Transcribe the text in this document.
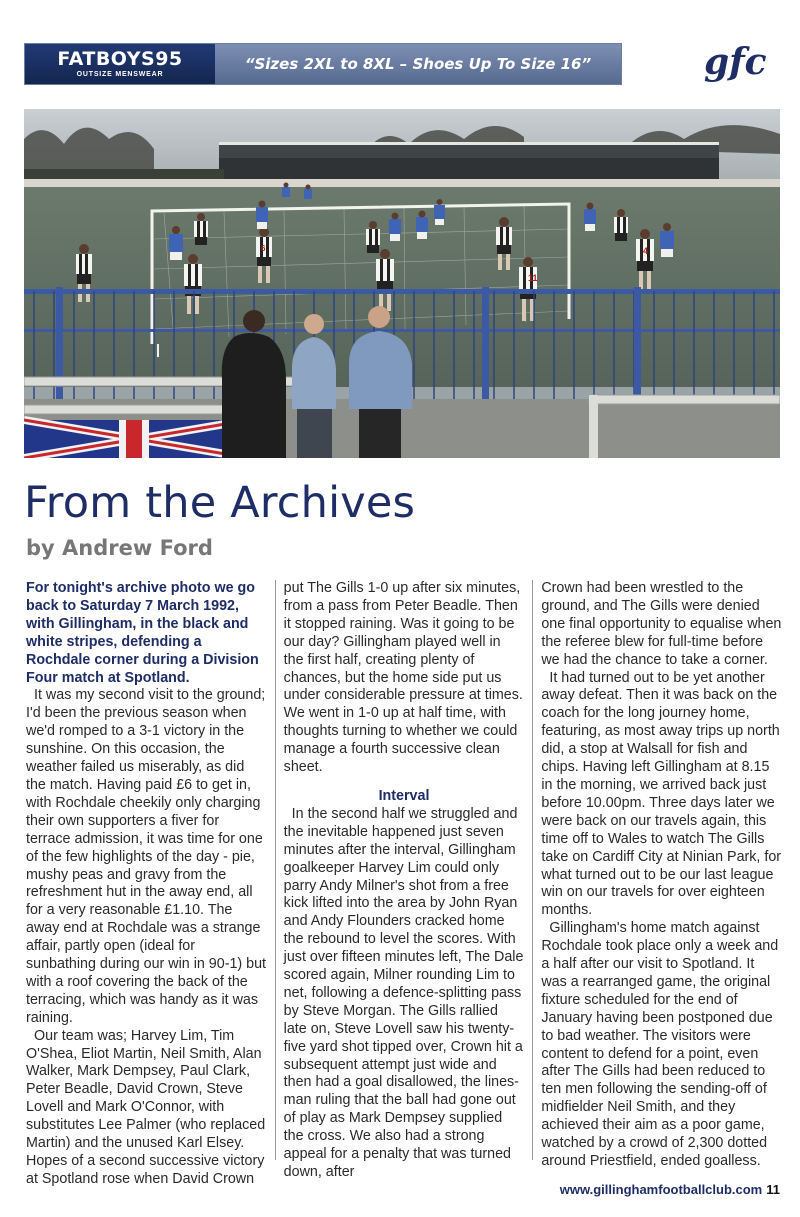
FATBOYS95
OUTSIZE MENSWEAR
“Sizes 2XL to 8XL – Shoes Up To Size 16”	gfc
11
4
6
From the Archives
by Andrew Ford

For tonight's archive photo we go back to Saturday 7 March 1992, with Gillingham, in the black and white stripes, defending a Rochdale corner during a Division Four match at Spotland.

It was my second visit to the ground; I'd been the previous season when we'd romped to a 3-1 victory in the sunshine. On this occasion, the weather failed us miserably, as did the match. Having paid £6 to get in, with Rochdale cheekily only charging their own supporters a fiver for terrace admission, it was time for one of the few highlights of the day - pie, mushy peas and gravy from the refreshment hut in the away end, all for a very reasonable £1.10. The away end at Rochdale was a strange affair, partly open (ideal for sunbathing during our win in 90-1) but with a roof covering the back of the terracing, which was handy as it was raining.

Our team was; Harvey Lim, Tim O'Shea, Eliot Martin, Neil Smith, Alan Walker, Mark Dempsey, Paul Clark, Peter Beadle, David Crown, Steve Lovell and Mark O'Connor, with substitutes Lee Palmer (who replaced Martin) and the unused Karl Elsey. Hopes of a second successive victory at Spotland rose when David Crown

put The Gills 1-0 up after six minutes, from a pass from Peter Beadle. Then it stopped raining. Was it going to be our day? Gillingham played well in the first half, creating plenty of chances, but the home side put us under considerable pressure at times. We went in 1-0 up at half time, with thoughts turning to whether we could manage a fourth successive clean sheet.

Interval

In the second half we struggled and the inevitable happened just seven minutes after the interval, Gillingham goalkeeper Harvey Lim could only parry Andy Milner's shot from a free kick lifted into the area by John Ryan and Andy Flounders cracked home the rebound to level the scores. With just over fifteen minutes left, The Dale scored again, Milner rounding Lim to net, following a defence-splitting pass by Steve Morgan. The Gills rallied late on, Steve Lovell saw his twenty-five yard shot tipped over, Crown hit a subsequent attempt just wide and then had a goal disallowed, the lines-man ruling that the ball had gone out of play as Mark Dempsey supplied the cross. We also had a strong appeal for a penalty that was turned down, after

Crown had been wrestled to the ground, and The Gills were denied one final opportunity to equalise when the referee blew for full-time before we had the chance to take a corner.

It had turned out to be yet another away defeat. Then it was back on the coach for the long journey home, featuring, as most away trips up north did, a stop at Walsall for fish and chips. Having left Gillingham at 8.15 in the morning, we arrived back just before 10.00pm. Three days later we were back on our travels again, this time off to Wales to watch The Gills take on Cardiff City at Ninian Park, for what turned out to be our last league win on our travels for over eighteen months.

Gillingham's home match against Rochdale took place only a week and a half after our visit to Spotland. It was a rearranged game, the original fixture scheduled for the end of January having been postponed due to bad weather. The visitors were content to defend for a point, even after The Gills had been reduced to ten men following the sending-off of midfielder Neil Smith, and they achieved their aim as a poor game, watched by a crowd of 2,300 dotted around Priestfield, ended goalless.

www.gillinghamfootballclub.com 11
